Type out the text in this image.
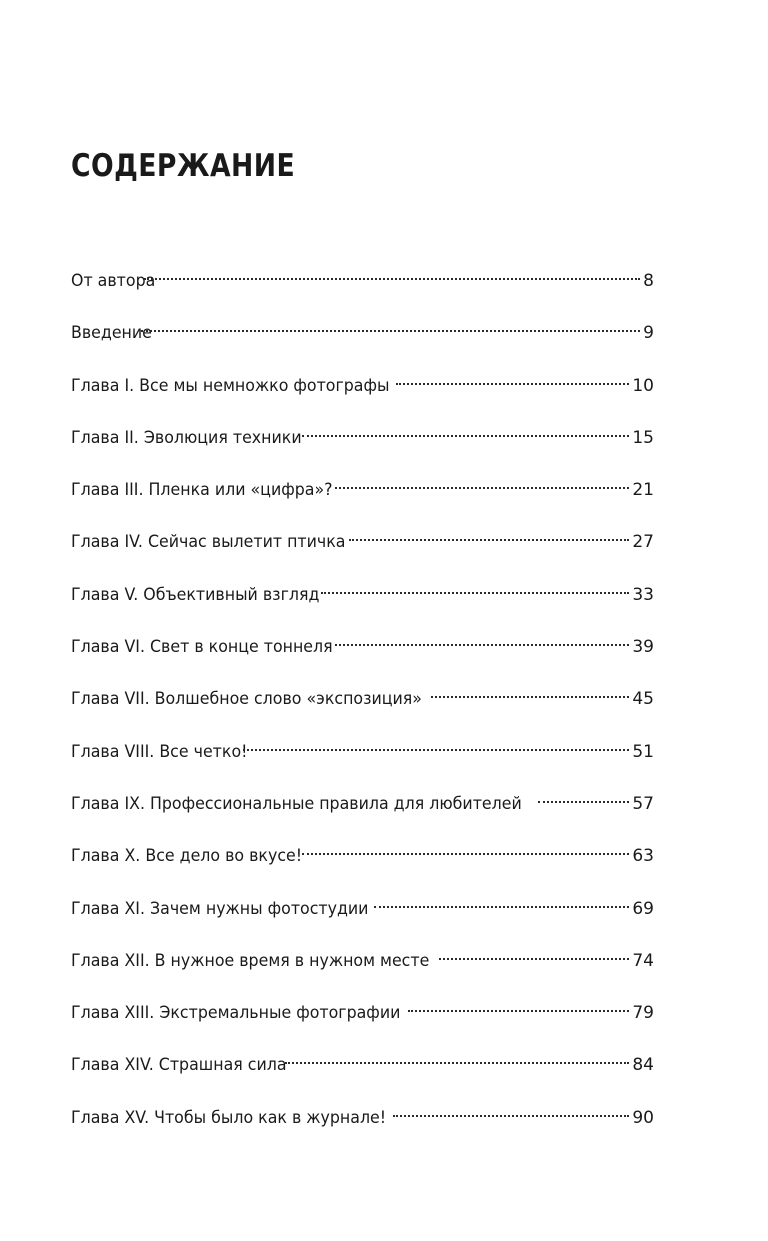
СОДЕРЖАНИЕ
От автора	8
Введение	9
Глава I. Все мы немножко фотографы	10
Глава II. Эволюция техники	15
Глава III. Пленка или «цифра»?	21
Глава IV. Сейчас вылетит птичка	27
Глава V. Объективный взгляд	33
Глава VI. Свет в конце тоннеля	39
Глава VII. Волшебное слово «экспозиция»	45
Глава VIII. Все четко!	51
Глава IX. Профессиональные правила для любителей	57
Глава X. Все дело во вкусе!	63
Глава XI. Зачем нужны фотостудии	69
Глава XII. В нужное время в нужном месте	74
Глава XIII. Экстремальные фотографии	79
Глава XIV. Страшная сила	84
Глава XV. Чтобы было как в журнале!	90
